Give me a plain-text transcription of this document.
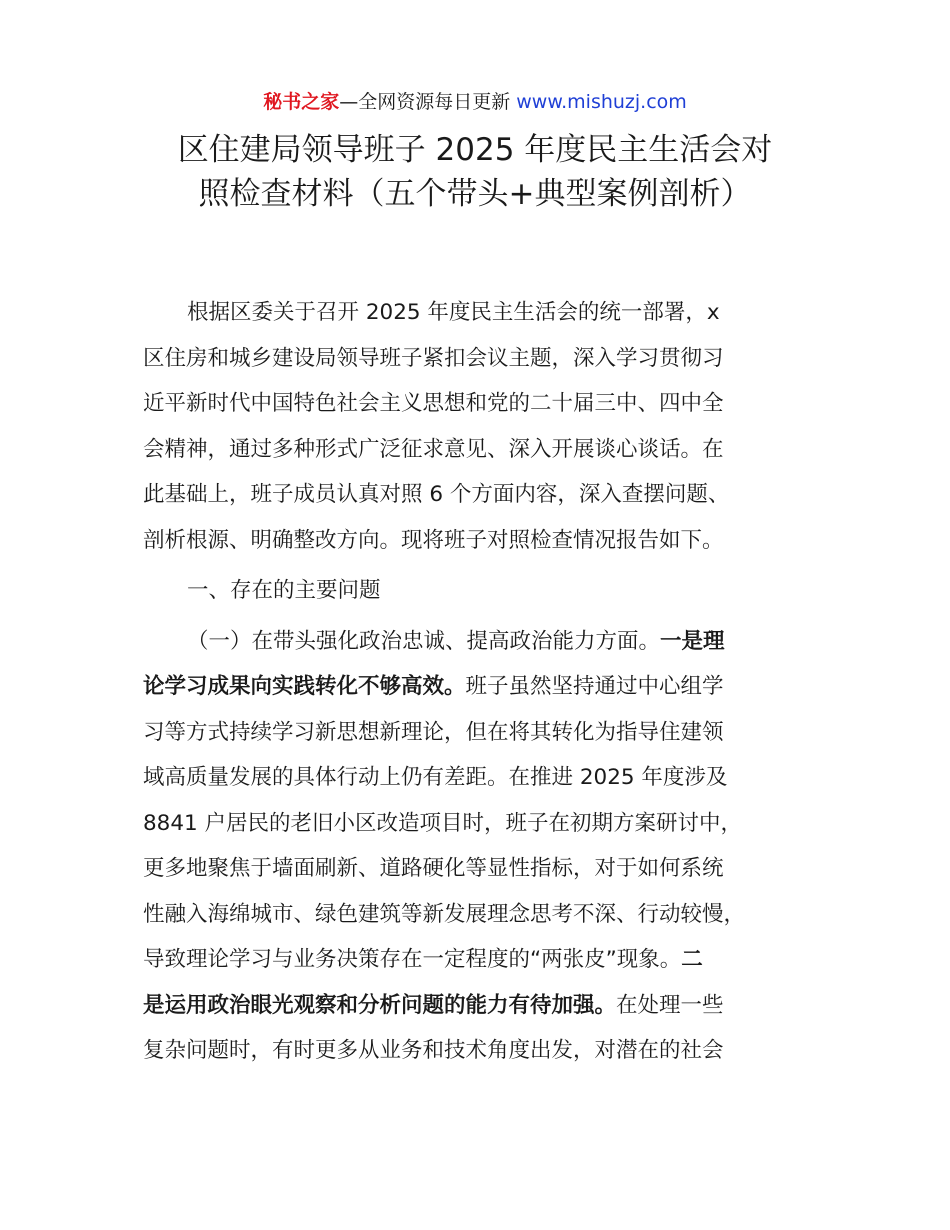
秘书之家—全网资源每日更新 www.mishuzj.com
区住建局领导班子 2025 年度民主生活会对
照检查材料（五个带头+典型案例剖析）
根据区委关于召开 2025 年度民主生活会的统一部署，x
区住房和城乡建设局领导班子紧扣会议主题，深入学习贯彻习
近平新时代中国特色社会主义思想和党的二十届三中、四中全
会精神，通过多种形式广泛征求意见、深入开展谈心谈话。在
此基础上，班子成员认真对照 6 个方面内容，深入查摆问题、
剖析根源、明确整改方向。现将班子对照检查情况报告如下。
一、存在的主要问题
（一）在带头强化政治忠诚、提高政治能力方面。一是理
论学习成果向实践转化不够高效。班子虽然坚持通过中心组学
习等方式持续学习新思想新理论，但在将其转化为指导住建领
域高质量发展的具体行动上仍有差距。在推进 2025 年度涉及
8841 户居民的老旧小区改造项目时，班子在初期方案研讨中，
更多地聚焦于墙面刷新、道路硬化等显性指标，对于如何系统
性融入海绵城市、绿色建筑等新发展理念思考不深、行动较慢，
导致理论学习与业务决策存在一定程度的“两张皮”现象。二
是运用政治眼光观察和分析问题的能力有待加强。在处理一些
复杂问题时，有时更多从业务和技术角度出发，对潜在的社会
